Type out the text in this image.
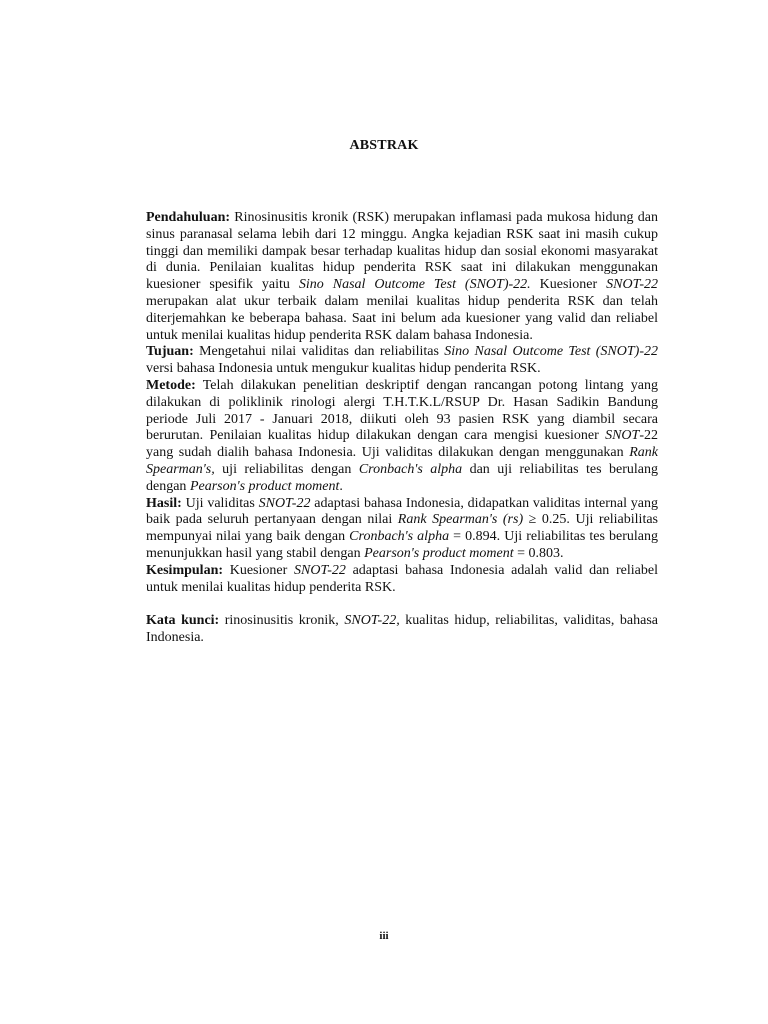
ABSTRAK

Pendahuluan: Rinosinusitis kronik (RSK) merupakan inflamasi pada mukosa hidung dan sinus paranasal selama lebih dari 12 minggu. Angka kejadian RSK saat ini masih cukup tinggi dan memiliki dampak besar terhadap kualitas hidup dan sosial ekonomi masyarakat di dunia. Penilaian kualitas hidup penderita RSK saat ini dilakukan menggunakan kuesioner spesifik yaitu Sino Nasal Outcome Test (SNOT)-22. Kuesioner SNOT-22 merupakan alat ukur terbaik dalam menilai kualitas hidup penderita RSK dan telah diterjemahkan ke beberapa bahasa. Saat ini belum ada kuesioner yang valid dan reliabel untuk menilai kualitas hidup penderita RSK dalam bahasa Indonesia.

Tujuan: Mengetahui nilai validitas dan reliabilitas Sino Nasal Outcome Test (SNOT)-22 versi bahasa Indonesia untuk mengukur kualitas hidup penderita RSK.

Metode: Telah dilakukan penelitian deskriptif dengan rancangan potong lintang yang dilakukan di poliklinik rinologi alergi T.H.T.K.L/RSUP Dr. Hasan Sadikin Bandung periode Juli 2017 - Januari 2018, diikuti oleh 93 pasien RSK yang diambil secara berurutan. Penilaian kualitas hidup dilakukan dengan cara mengisi kuesioner SNOT-22 yang sudah dialih bahasa Indonesia. Uji validitas dilakukan dengan menggunakan Rank Spearman's, uji reliabilitas dengan Cronbach's alpha dan uji reliabilitas tes berulang dengan Pearson's product moment.

Hasil: Uji validitas SNOT-22 adaptasi bahasa Indonesia, didapatkan validitas internal yang baik pada seluruh pertanyaan dengan nilai Rank Spearman's (rs) ≥ 0.25. Uji reliabilitas mempunyai nilai yang baik dengan Cronbach's alpha = 0.894. Uji reliabilitas tes berulang menunjukkan hasil yang stabil dengan Pearson's product moment = 0.803.

Kesimpulan: Kuesioner SNOT-22 adaptasi bahasa Indonesia adalah valid dan reliabel untuk menilai kualitas hidup penderita RSK.

Kata kunci: rinosinusitis kronik, SNOT-22, kualitas hidup, reliabilitas, validitas, bahasa Indonesia.

iii
